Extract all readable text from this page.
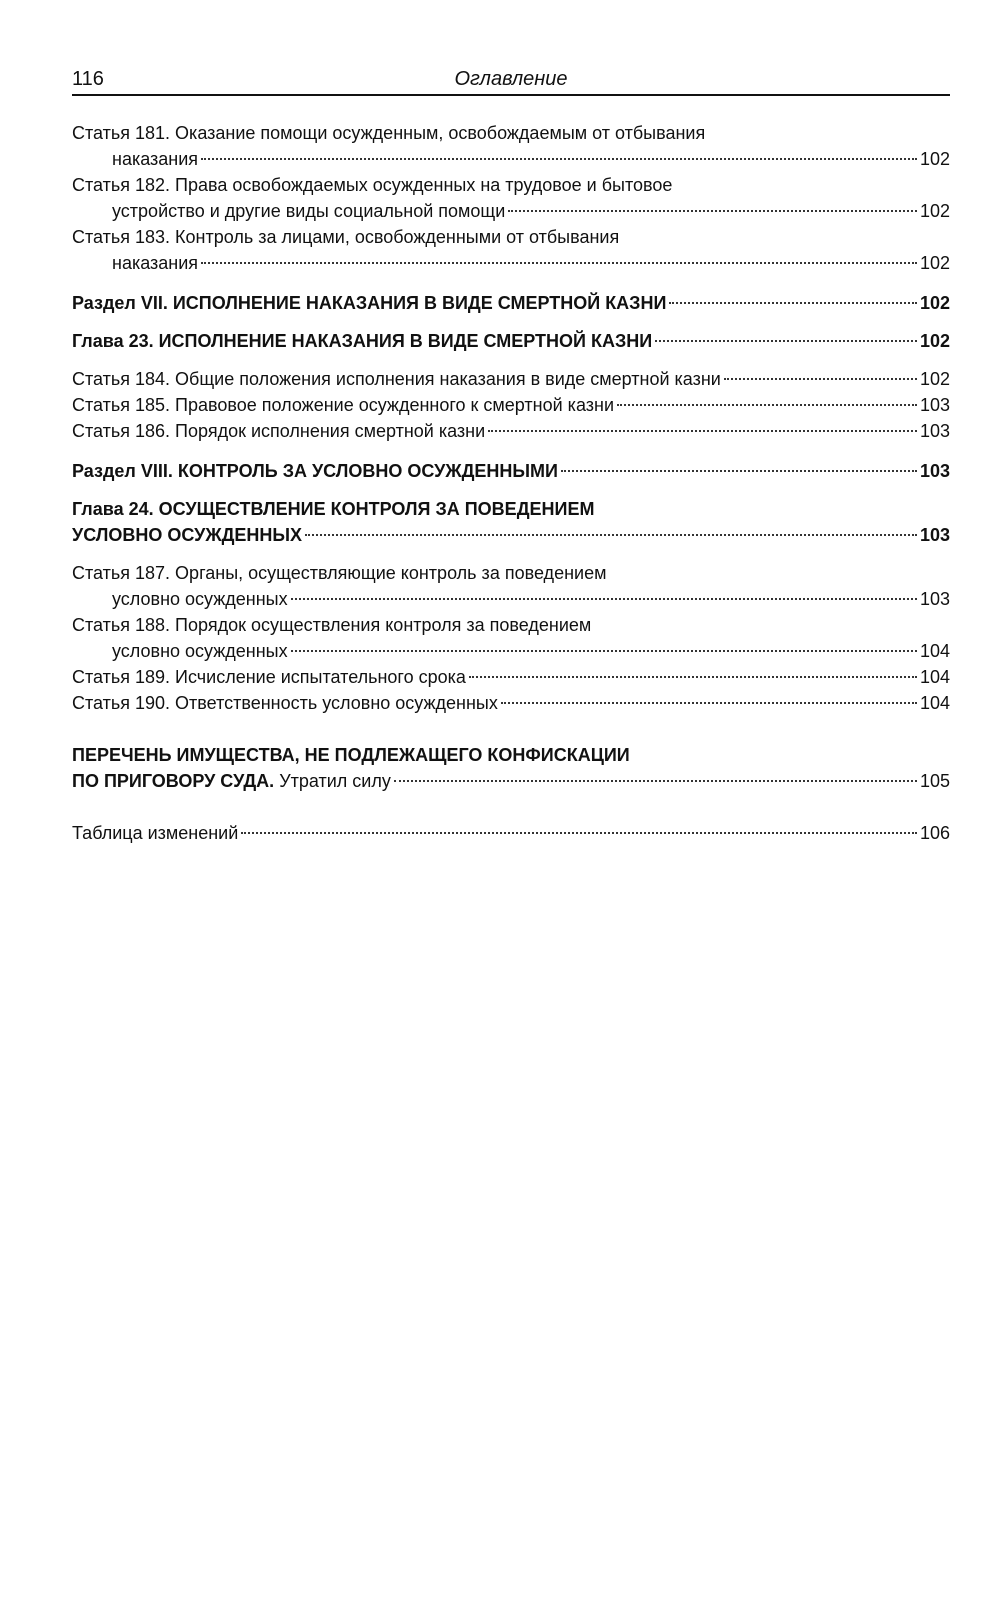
116	Оглавление
Статья 181. Оказание помощи осужденным, освобождаемым от отбывания
наказания	102
Статья 182. Права освобождаемых осужденных на трудовое и бытовое
устройство и другие виды социальной помощи	102
Статья 183. Контроль за лицами, освобожденными от отбывания
наказания	102
Раздел VII. ИСПОЛНЕНИЕ НАКАЗАНИЯ В ВИДЕ СМЕРТНОЙ КАЗНИ	102
Глава 23. ИСПОЛНЕНИЕ НАКАЗАНИЯ В ВИДЕ СМЕРТНОЙ КАЗНИ	102
Статья 184. Общие положения исполнения наказания в виде смертной казни	102
Статья 185. Правовое положение осужденного к смертной казни	103
Статья 186. Порядок исполнения смертной казни	103
Раздел VIII. КОНТРОЛЬ ЗА УСЛОВНО ОСУЖДЕННЫМИ	103
Глава 24. ОСУЩЕСТВЛЕНИЕ КОНТРОЛЯ ЗА ПОВЕДЕНИЕМ
УСЛОВНО ОСУЖДЕННЫХ	103
Статья 187. Органы, осуществляющие контроль за поведением
условно осужденных	103
Статья 188. Порядок осуществления контроля за поведением
условно осужденных	104
Статья 189. Исчисление испытательного срока	104
Статья 190. Ответственность условно осужденных	104
ПЕРЕЧЕНЬ ИМУЩЕСТВА, НЕ ПОДЛЕЖАЩЕГО КОНФИСКАЦИИ
ПО ПРИГОВОРУ СУДА. Утратил силу	105
Таблица изменений	106
